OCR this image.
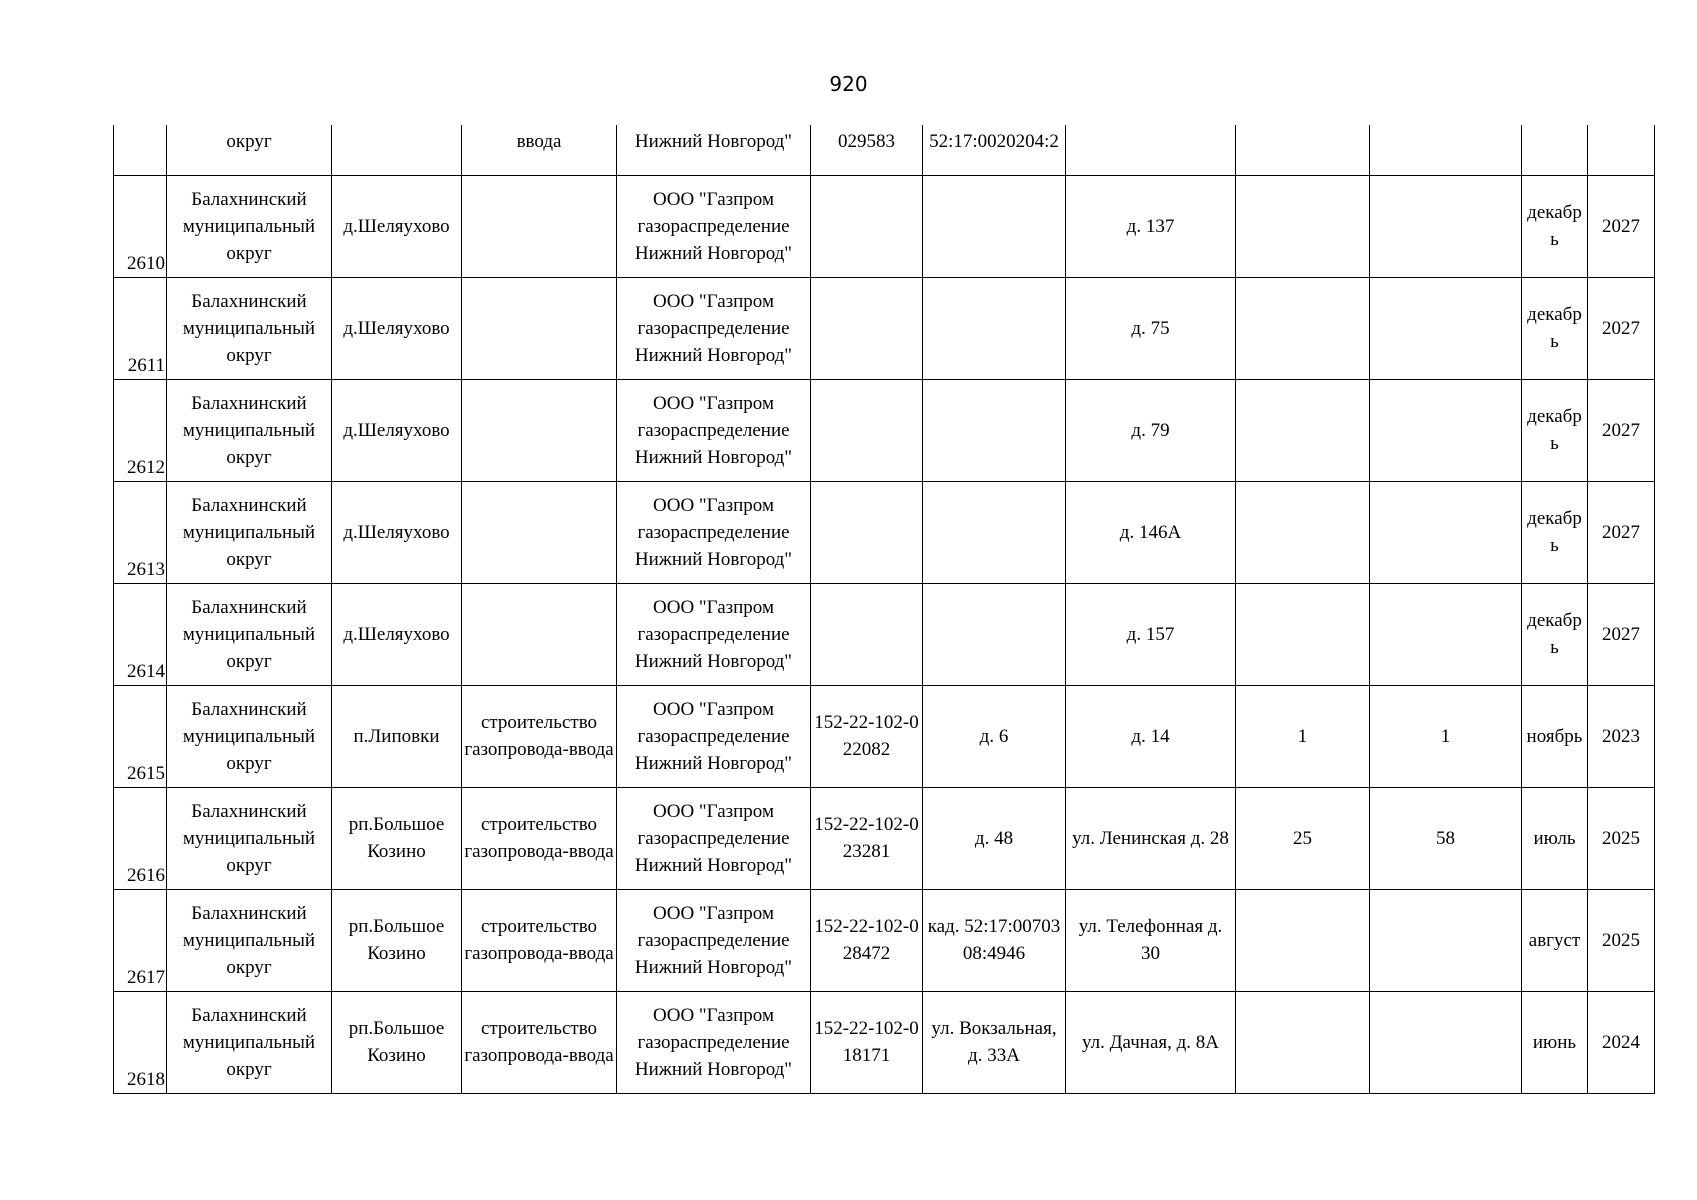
920
	округ		ввода	Нижний Новгород"	029583	52:17:0020204:2					
2610	Балахнинский муниципальный округ	д.Шеляухово		ООО "Газпром газораспределение Нижний Новгород"			д. 137			декабрь	2027
2611	Балахнинский муниципальный округ	д.Шеляухово		ООО "Газпром газораспределение Нижний Новгород"			д. 75			декабрь	2027
2612	Балахнинский муниципальный округ	д.Шеляухово		ООО "Газпром газораспределение Нижний Новгород"			д. 79			декабрь	2027
2613	Балахнинский муниципальный округ	д.Шеляухово		ООО "Газпром газораспределение Нижний Новгород"			д. 146А			декабрь	2027
2614	Балахнинский муниципальный округ	д.Шеляухово		ООО "Газпром газораспределение Нижний Новгород"			д. 157			декабрь	2027
2615	Балахнинский муниципальный округ	п.Липовки	строительство газопровода-ввода	ООО "Газпром газораспределение Нижний Новгород"	152-22-102-022082	д. 6	д. 14	1	1	ноябрь	2023
2616	Балахнинский муниципальный округ	рп.Большое Козино	строительство газопровода-ввода	ООО "Газпром газораспределение Нижний Новгород"	152-22-102-023281	д. 48	ул. Ленинская д. 28	25	58	июль	2025
2617	Балахнинский муниципальный округ	рп.Большое Козино	строительство газопровода-ввода	ООО "Газпром газораспределение Нижний Новгород"	152-22-102-028472	кад. 52:17:0070308:4946	ул. Телефонная д. 30			август	2025
2618	Балахнинский муниципальный округ	рп.Большое Козино	строительство газопровода-ввода	ООО "Газпром газораспределение Нижний Новгород"	152-22-102-018171	ул. Вокзальная, д. 33А	ул. Дачная, д. 8А			июнь	2024
